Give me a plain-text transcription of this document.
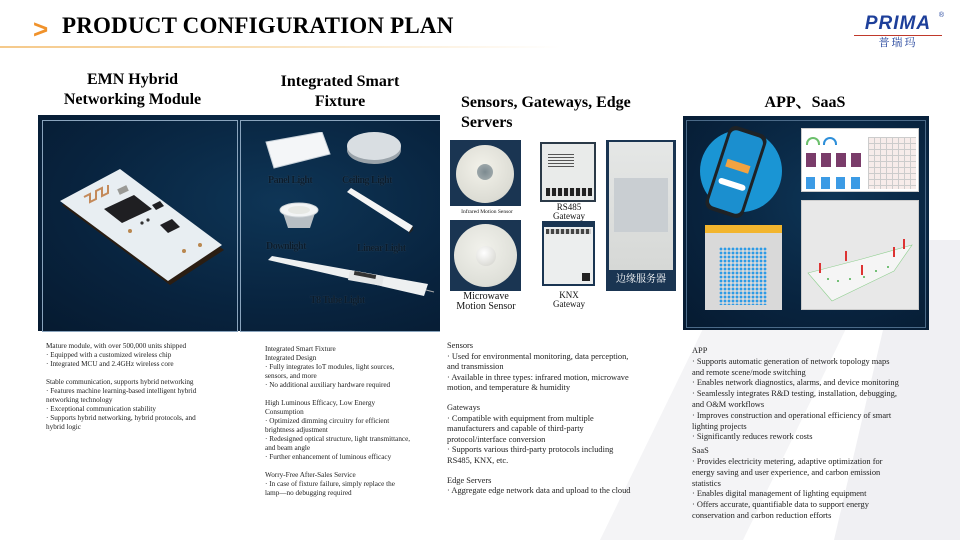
> PRODUCT CONFIGURATION PLAN	PRIMA	®
普瑞玛
EMN Hybrid
Networking Module
Integrated Smart
Fixture	Sensors, Gateways, Edge
Servers
APP、SaaS
Panel Light	Ceiling Light
Downlight	Linear Light
T8 Tube Light
Infrared Motion Sensor
Microwave
Motion Sensor
RS485
Gateway
KNX
Gateway
边缘服务器
Mature module, with over 500,000 units shipped
· Equipped with a customized wireless chip
· Integrated MCU and 2.4GHz wireless core
Stable communication, supports hybrid networking
· Features machine learning-based intelligent hybrid
networking technology
· Exceptional communication stability
· Supports hybrid networking, hybrid protocols, and
hybrid logic
Integrated Smart Fixture
Integrated Design
· Fully integrates IoT modules, light sources,
sensors, and more
· No additional auxiliary hardware required
High Luminous Efficacy, Low Energy
Consumption
· Optimized dimming circuitry for efficient
brightness adjustment
· Redesigned optical structure, light transmittance,
and beam angle
· Further enhancement of luminous efficacy
Worry-Free After-Sales Service
· In case of fixture failure, simply replace the
lamp—no debugging required
Sensors
· Used for environmental monitoring, data perception,
and transmission
· Available in three types: infrared motion, microwave
motion, and temperature & humidity
Gateways
· Compatible with equipment from multiple
manufacturers and capable of third-party
protocol/interface conversion
· Supports various third-party protocols including
RS485, KNX, etc.
Edge Servers
· Aggregate edge network data and upload to the cloud
APP
· Supports automatic generation of network topology maps
and remote scene/mode switching
· Enables network diagnostics, alarms, and device monitoring
· Seamlessly integrates R&D testing, installation, debugging,
and O&M workflows
· Improves construction and operational efficiency of smart
lighting projects
· Significantly reduces rework costs
SaaS
· Provides electricity metering, adaptive optimization for
energy saving and user experience, and carbon emission
statistics
· Enables digital management of lighting equipment
· Offers accurate, quantifiable data to support energy
conservation and carbon reduction efforts
